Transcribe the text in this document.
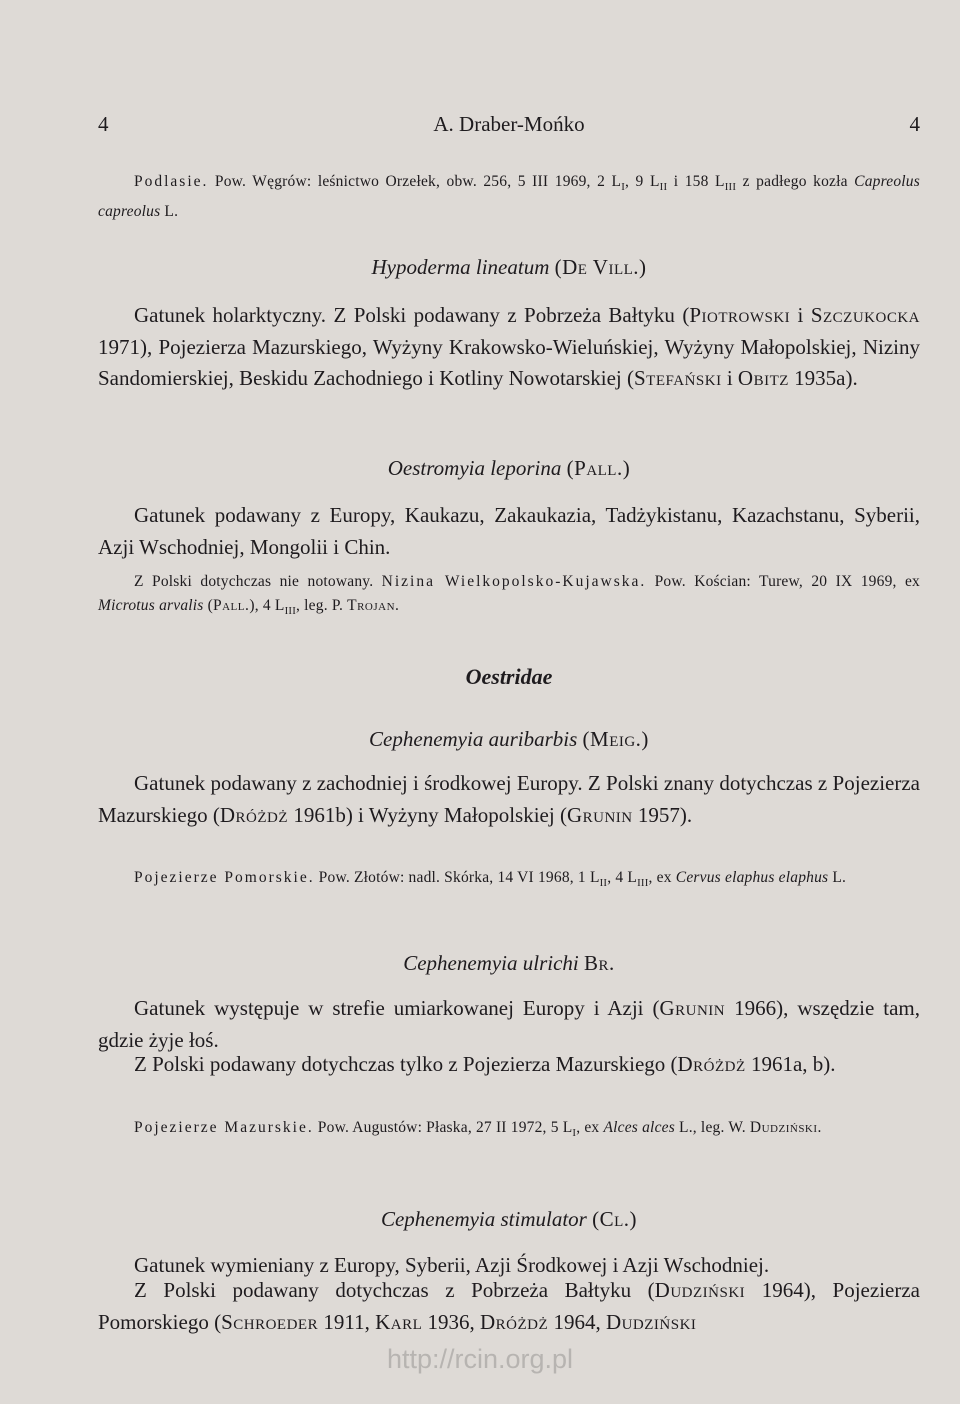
4	A. Draber-Mońko	4

Podlasie. Pow. Węgrów: leśnictwo Orzełek, obw. 256, 5 III 1969, 2 $L_I$, 9 $L_{II}$ i 158 $L_{III}$ z padłego kozła Capreolus capreolus L.

Hypoderma lineatum (De Vill.)

Gatunek holarktyczny. Z Polski podawany z Pobrzeża Bałtyku (Piotrowski i Szczukocka 1971), Pojezierza Mazurskiego, Wyżyny Krakowsko-Wieluńskiej, Wyżyny Małopolskiej, Niziny Sandomierskiej, Beskidu Zachodniego i Kotliny Nowotarskiej (Stefański i Obitz 1935a).

Oestromyia leporina (Pall.)

Gatunek podawany z Europy, Kaukazu, Zakaukazia, Tadżykistanu, Kazachstanu, Syberii, Azji Wschodniej, Mongolii i Chin.

Z Polski dotychczas nie notowany. Nizina Wielkopolsko-Kujawska. Pow. Kościan: Turew, 20 IX 1969, ex Microtus arvalis (Pall.), 4 $L_{III}$, leg. P. Trojan.

Oestridae

Cephenemyia auribarbis (Meig.)

Gatunek podawany z zachodniej i środkowej Europy. Z Polski znany dotychczas z Pojezierza Mazurskiego (Dróżdż 1961b) i Wyżyny Małopolskiej (Grunin 1957).

Pojezierze Pomorskie. Pow. Złotów: nadl. Skórka, 14 VI 1968, 1 $L_{II}$, 4 $L_{III}$, ex Cervus elaphus elaphus L.

Cephenemyia ulrichi Br.

Gatunek występuje w strefie umiarkowanej Europy i Azji (Grunin 1966), wszędzie tam, gdzie żyje łoś.

Z Polski podawany dotychczas tylko z Pojezierza Mazurskiego (Dróżdż 1961a, b).

Pojezierze Mazurskie. Pow. Augustów: Płaska, 27 II 1972, 5 $L_I$, ex Alces alces L., leg. W. Dudziński.

Cephenemyia stimulator (Cl.)

Gatunek wymieniany z Europy, Syberii, Azji Środkowej i Azji Wschodniej.

Z Polski podawany dotychczas z Pobrzeża Bałtyku (Dudziński 1964), Pojezierza Pomorskiego (Schroeder 1911, Karl 1936, Dróżdż 1964, Dudziński

http://rcin.org.pl
